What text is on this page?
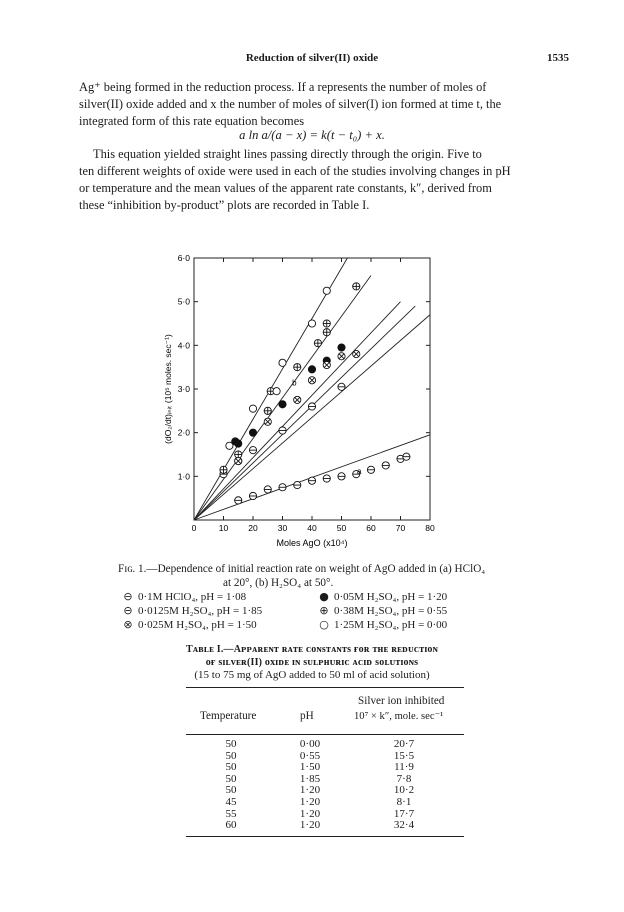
Reduction of silver(II) oxide	1535

Ag⁺ being formed in the reduction process. If a represents the number of moles of

silver(II) oxide added and x the number of moles of silver(I) ion formed at time t, the

integrated form of this rate equation becomes

a ln a/(a − x) = k(t − t₀) + x.

This equation yielded straight lines passing directly through the origin. Five to

ten different weights of oxide were used in each of the studies involving changes in pH

or temperature and the mean values of the apparent rate constants, k″, derived from

these “inhibition by-product” plots are recorded in Table I.

0	10 20 30 40 50 60 70 80
1·0
2·0
3·0
4·0
5·0
6·0
Moles AgO (x10⁴)
(dO₂/dt)ᵢₙᵢₜ (10⁵ moles. sec⁻¹)
a
b
Fɪɢ. 1.—Dependence of initial reaction rate on weight of AgO added in (a) HClO₄
at 20°, (b) H₂SO₄ at 50°.
⊖ 0·1M HClO₄, pH = 1·08	● 0·05M H₂SO₄, pH = 1·20
⊖ 0·0125M H₂SO₄, pH = 1·85	⊕ 0·38M H₂SO₄, pH = 0·55
⊗ 0·025M H₂SO₄, pH = 1·50	○ 1·25M H₂SO₄, pH = 0·00
Tᴀʙʟᴇ I.—Aᴘᴘᴀʀᴇɴᴛ ʀᴀᴛᴇ ᴄᴏɴsᴛᴀɴᴛs ғᴏʀ ᴛʜᴇ ʀᴇᴅᴜᴄᴛɪᴏɴ
ᴏғ sɪʟᴠᴇʀ(II) ᴏxɪᴅᴇ ɪɴ sᴜʟᴘʜᴜʀɪᴄ ᴀᴄɪᴅ sᴏʟᴜᴛɪᴏɴs
(15 to 75 mg of AgO added to 50 ml of acid solution)
Temperature	pH
Silver ion inhibited
10⁷ × k″, mole. sec⁻¹
50	0·00	20·7
50	0·55	15·5
50	1·50	11·9
50	1·85	7·8
50	1·20	10·2
45	1·20	8·1
55	1·20	17·7
60	1·20	32·4
